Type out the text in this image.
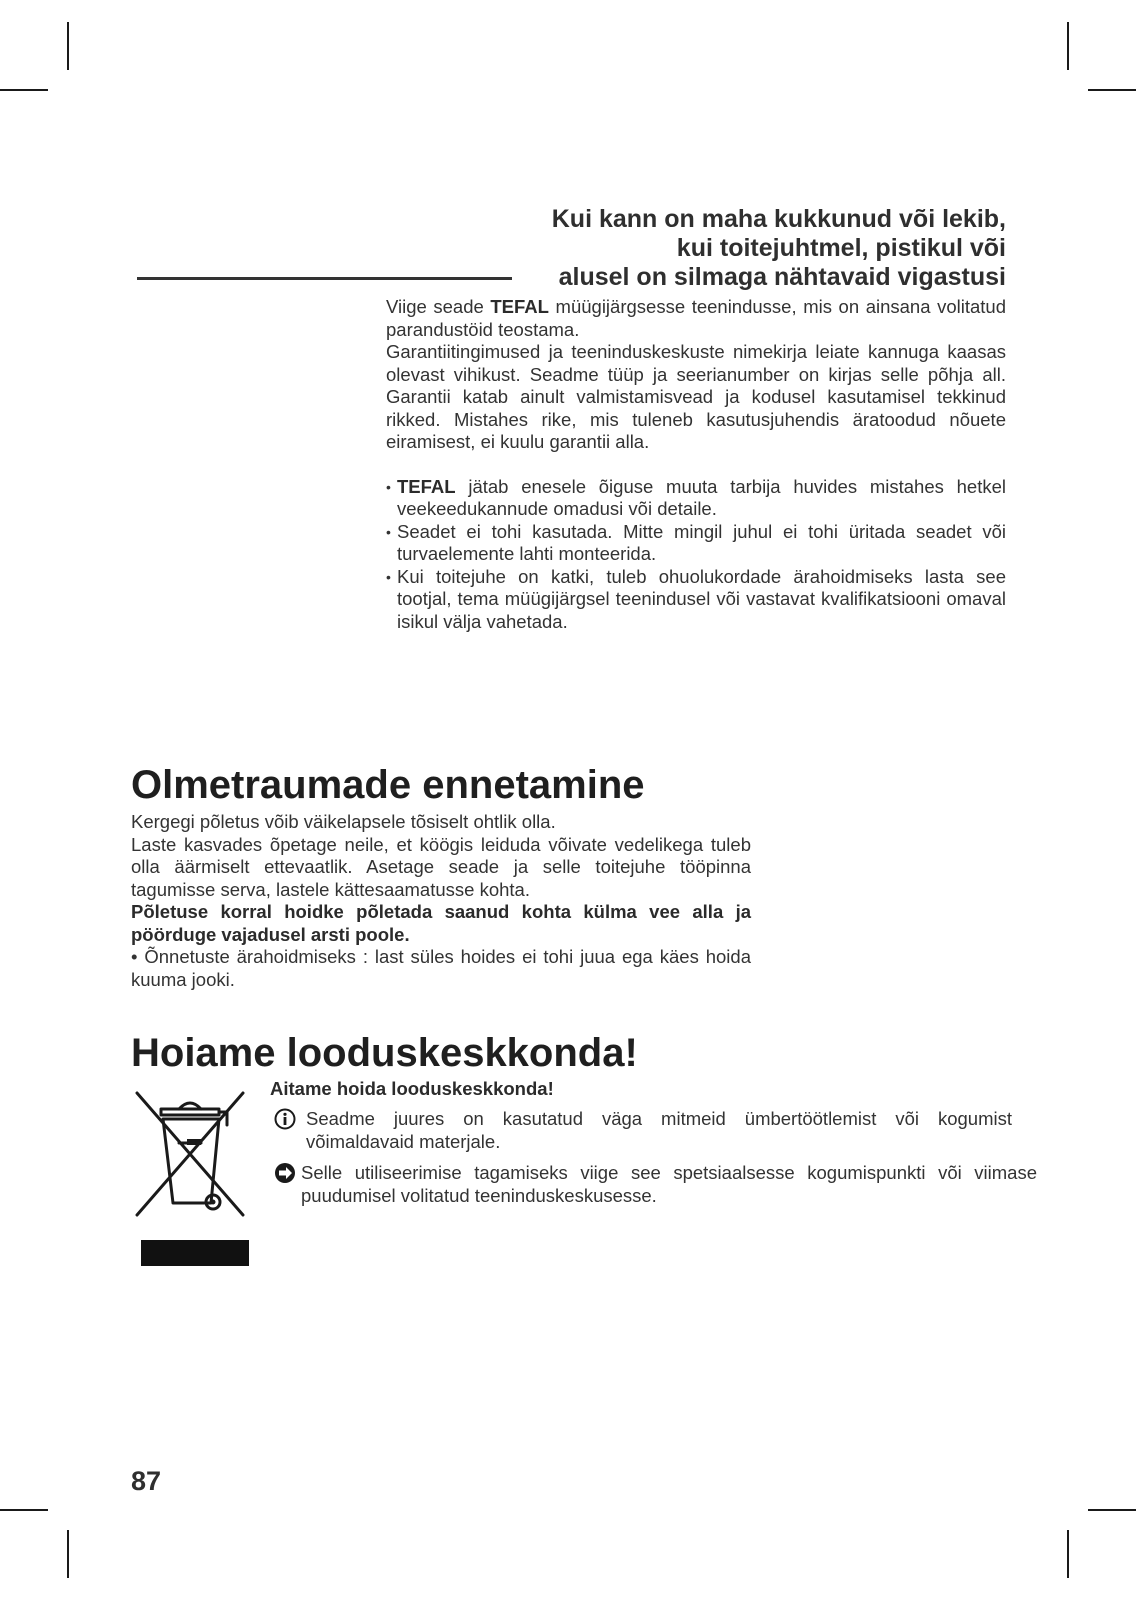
Kui kann on maha kukkunud või lekib,
kui toitejuhtmel, pistikul või
alusel on silmaga nähtavaid vigastusi

Viige seade TEFAL müügijärgsesse teenindusse, mis on ainsana volitatud parandustöid teostama.

Garantiitingimused ja teeninduskeskuste nimekirja leiate kannuga kaasas olevast vihikust. Seadme tüüp ja seerianumber on kirjas selle põhja all. Garantii katab ainult valmistamisvead ja kodusel kasutamisel tekkinud rikked. Mistahes rike, mis tuleneb kasutusjuhendis äratoodud nõuete eiramisest, ei kuulu garantii alla.

• TEFAL jätab enesele õiguse muuta tarbija huvides mistahes hetkel veekeedukannude omadusi või detaile.
• Seadet ei tohi kasutada. Mitte mingil juhul ei tohi üritada seadet või turvaelemente lahti monteerida.
• Kui toitejuhe on katki, tuleb ohuolukordade ärahoidmiseks lasta see tootjal, tema müügijärgsel teenindusel või vastavat kvalifikatsiooni omaval isikul välja vahetada.
Olmetraumade ennetamine

Kergegi põletus võib väikelapsele tõsiselt ohtlik olla.

Laste kasvades õpetage neile, et köögis leiduda võivate vedelikega tuleb olla äärmiselt ettevaatlik. Asetage seade ja selle toitejuhe tööpinna tagumisse serva, lastele kättesaamatusse kohta.

Põletuse korral hoidke põletada saanud kohta külma vee alla ja pöörduge vajadusel arsti poole.

• Õnnetuste ärahoidmiseks : last süles hoides ei tohi juua ega käes hoida kuuma jooki.

Hoiame looduskeskkonda!
Aitame hoida looduskeskkonda!
Seadme juures on kasutatud väga mitmeid ümbertöötlemist või kogumist võimaldavaid materjale.
Selle utiliseerimise tagamiseks viige see spetsiaalsesse kogumispunkti või viimase puudumisel volitatud teeninduskeskusesse.
87
